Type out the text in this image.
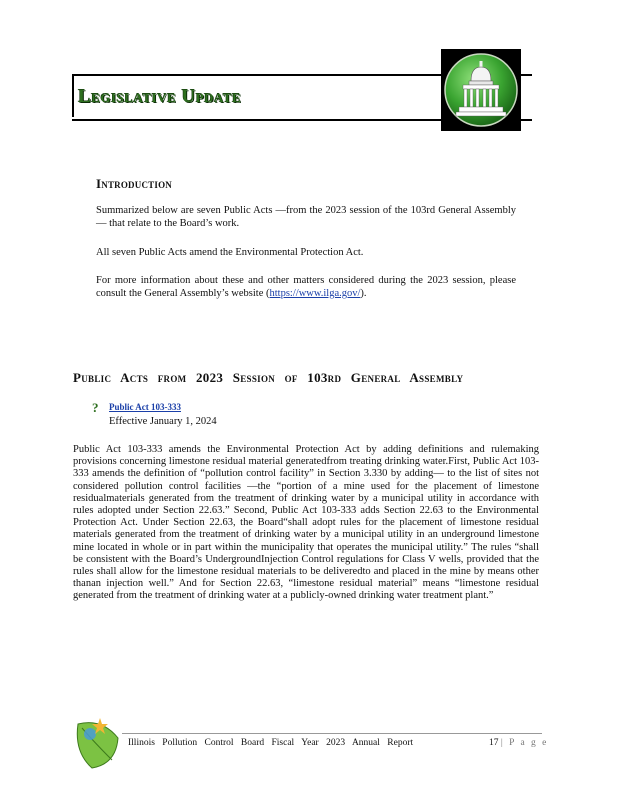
Legislative Update
Introduction
Summarized below are seven Public Acts —from the 2023 session of the 103rd General Assembly — that relate to the Board’s work.
All seven Public Acts amend the Environmental Protection Act.
For more information about these and other matters considered during the 2023 session, please consult the General Assembly’s website (https://www.ilga.gov/).
Public Acts from 2023 Session of 103rd General Assembly
? Public Act 103-333
Effective January 1, 2024
Public Act 103-333 amends the Environmental Protection Act by adding definitions and rulemaking provisions concerning limestone residual material generatedfrom treating drinking water.First, Public Act 103-333 amends the definition of “pollution control facility” in Section 3.330 by adding— to the list of sites not considered pollution control facilities —the “portion of a mine used for the placement of limestone residualmaterials generated from the treatment of drinking water by a municipal utility in accordance with rules adopted under Section 22.63.” Second, Public Act 103-333 adds Section 22.63 to the Environmental Protection Act. Under Section 22.63, the Board“shall adopt rules for the placement of limestone residual materials generated from the treatment of drinking water by a municipal utility in an underground limestone mine located in whole or in part within the municipality that operates the municipal utility.” The rules “shall be consistent with the Board’s UndergroundInjection Control regulations for Class V wells, provided that the rules shall allow for the limestone residual materials to be deliveredto and placed in the mine by means other thanan injection well.” And for Section 22.63, “limestone residual material” means “limestone residual generated from the treatment of drinking water at a publicly-owned drinking water treatment plant.”
Illinois Pollution Control Board Fiscal Year 2023 Annual Report	17 | P a g e
